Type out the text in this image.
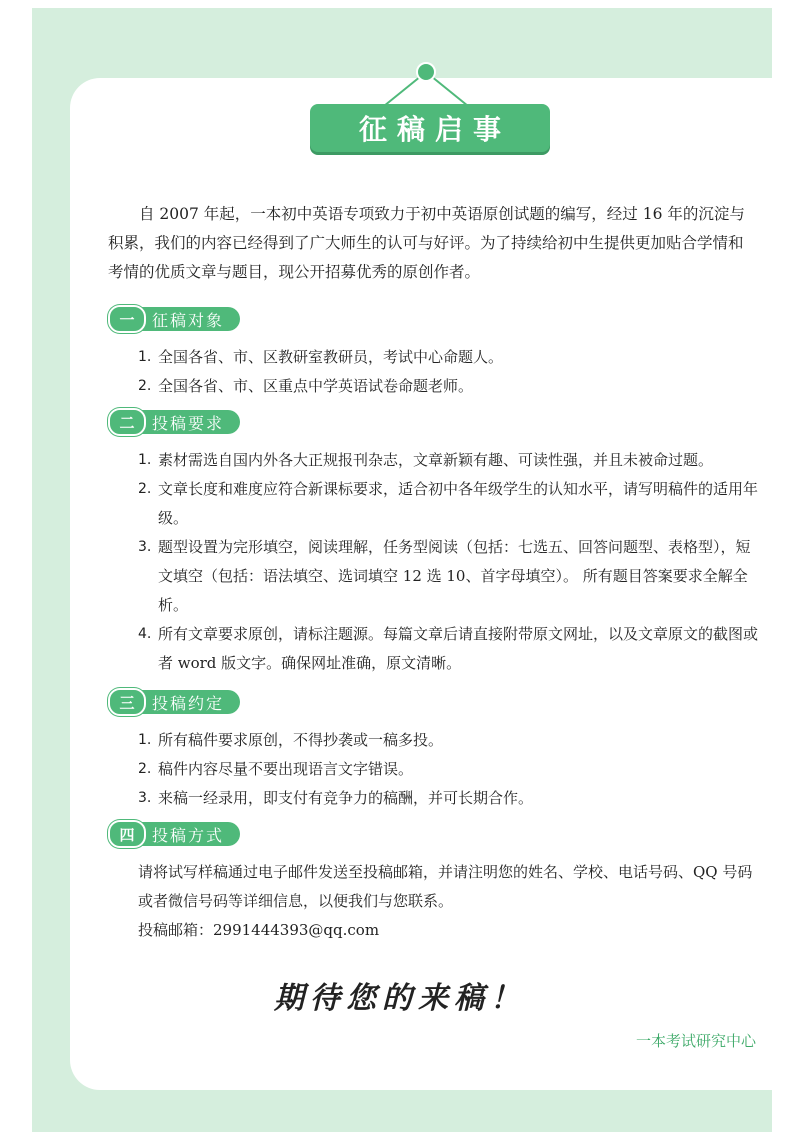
征稿启事

自 2007 年起，一本初中英语专项致力于初中英语原创试题的编写，经过 16 年的沉淀与积累，我们的内容已经得到了广大师生的认可与好评。为了持续给初中生提供更加贴合学情和考情的优质文章与题目，现公开招募优秀的原创作者。

一	征稿对象
1. 全国各省、市、区教研室教研员，考试中心命题人。
2. 全国各省、市、区重点中学英语试卷命题老师。
二	投稿要求
1. 素材需选自国内外各大正规报刊杂志，文章新颖有趣、可读性强，并且未被命过题。
2. 文章长度和难度应符合新课标要求，适合初中各年级学生的认知水平，请写明稿件的适用年级。
3. 题型设置为完形填空，阅读理解，任务型阅读（包括：七选五、回答问题型、表格型），短文填空（包括：语法填空、选词填空 12 选 10、首字母填空）。 所有题目答案要求全解全析。
4. 所有文章要求原创，请标注题源。每篇文章后请直接附带原文网址，以及文章原文的截图或者 word 版文字。确保网址准确，原文清晰。
三	投稿约定
1. 所有稿件要求原创，不得抄袭或一稿多投。
2. 稿件内容尽量不要出现语言文字错误。
3. 来稿一经录用，即支付有竞争力的稿酬，并可长期合作。
四	投稿方式

请将试写样稿通过电子邮件发送至投稿邮箱，并请注明您的姓名、学校、电话号码、QQ 号码或者微信号码等详细信息，以便我们与您联系。

投稿邮箱：2991444393@qq.com

期待您的来稿！
一本考试研究中心
